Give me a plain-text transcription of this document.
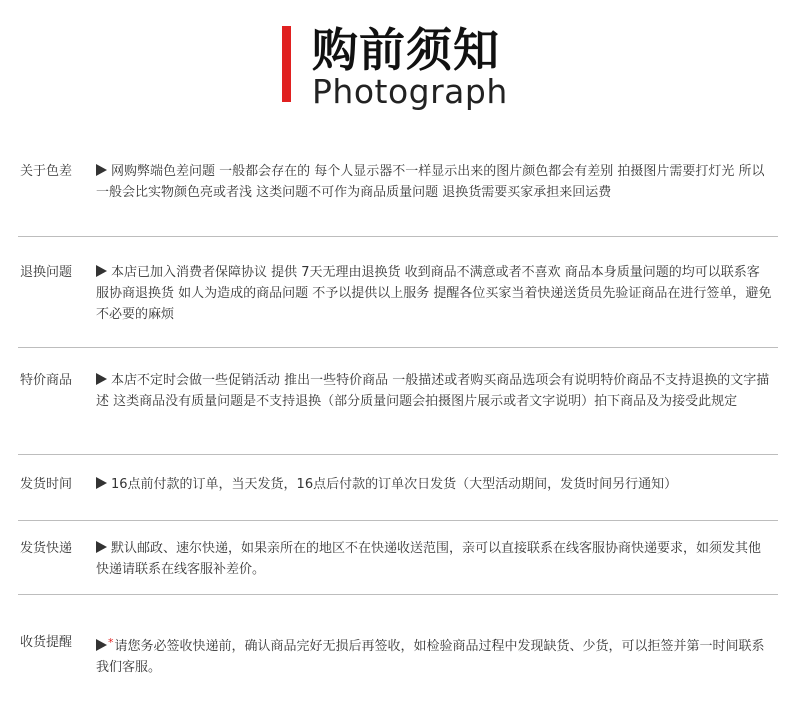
购前须知
Photograph
关于色差	网购弊端色差问题 一般都会存在的 每个人显示器不一样显示出来的图片颜色都会有差别 拍摄图片需要打灯光 所以一般会比实物颜色亮或者浅 这类问题不可作为商品质量问题 退换货需要买家承担来回运费
退换问题	本店已加入消费者保障协议 提供 7天无理由退换货 收到商品不满意或者不喜欢 商品本身质量问题的均可以联系客服协商退换货 如人为造成的商品问题 不予以提供以上服务 提醒各位买家当着快递送货员先验证商品在进行签单，避免不必要的麻烦
特价商品	本店不定时会做一些促销活动 推出一些特价商品 一般描述或者购买商品选项会有说明特价商品不支持退换的文字描述 这类商品没有质量问题是不支持退换（部分质量问题会拍摄图片展示或者文字说明）拍下商品及为接受此规定
发货时间	16点前付款的订单，当天发货，16点后付款的订单次日发货（大型活动期间，发货时间另行通知）
发货快递	默认邮政、速尔快递，如果亲所在的地区不在快递收送范围，亲可以直接联系在线客服协商快递要求，如须发其他快递请联系在线客服补差价。
收货提醒	*请您务必签收快递前，确认商品完好无损后再签收，如检验商品过程中发现缺货、少货，可以拒签并第一时间联系我们客服。
